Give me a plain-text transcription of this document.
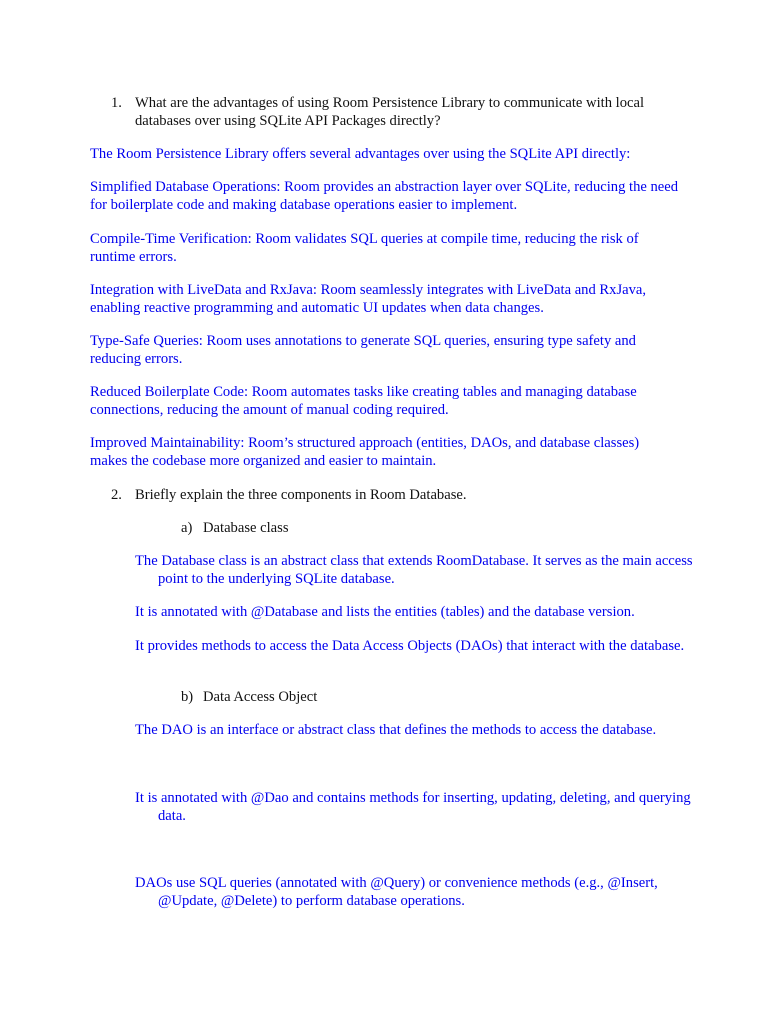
1. What are the advantages of using Room Persistence Library to communicate with local databases over using SQLite API Packages directly?

The Room Persistence Library offers several advantages over using the SQLite API directly:

Simplified Database Operations: Room provides an abstraction layer over SQLite, reducing the need for boilerplate code and making database operations easier to implement.

Compile-Time Verification: Room validates SQL queries at compile time, reducing the risk of runtime errors.

Integration with LiveData and RxJava: Room seamlessly integrates with LiveData and RxJava, enabling reactive programming and automatic UI updates when data changes.

Type-Safe Queries: Room uses annotations to generate SQL queries, ensuring type safety and reducing errors.

Reduced Boilerplate Code: Room automates tasks like creating tables and managing database connections, reducing the amount of manual coding required.

Improved Maintainability: Room’s structured approach (entities, DAOs, and database classes) makes the codebase more organized and easier to maintain.

2. Briefly explain the three components in Room Database.
a) Database class

The Database class is an abstract class that extends RoomDatabase. It serves as the main access point to the underlying SQLite database.

It is annotated with @Database and lists the entities (tables) and the database version.

It provides methods to access the Data Access Objects (DAOs) that interact with the database.

b) Data Access Object

The DAO is an interface or abstract class that defines the methods to access the database.

It is annotated with @Dao and contains methods for inserting, updating, deleting, and querying data.

DAOs use SQL queries (annotated with @Query) or convenience methods (e.g., @Insert, @Update, @Delete) to perform database operations.
